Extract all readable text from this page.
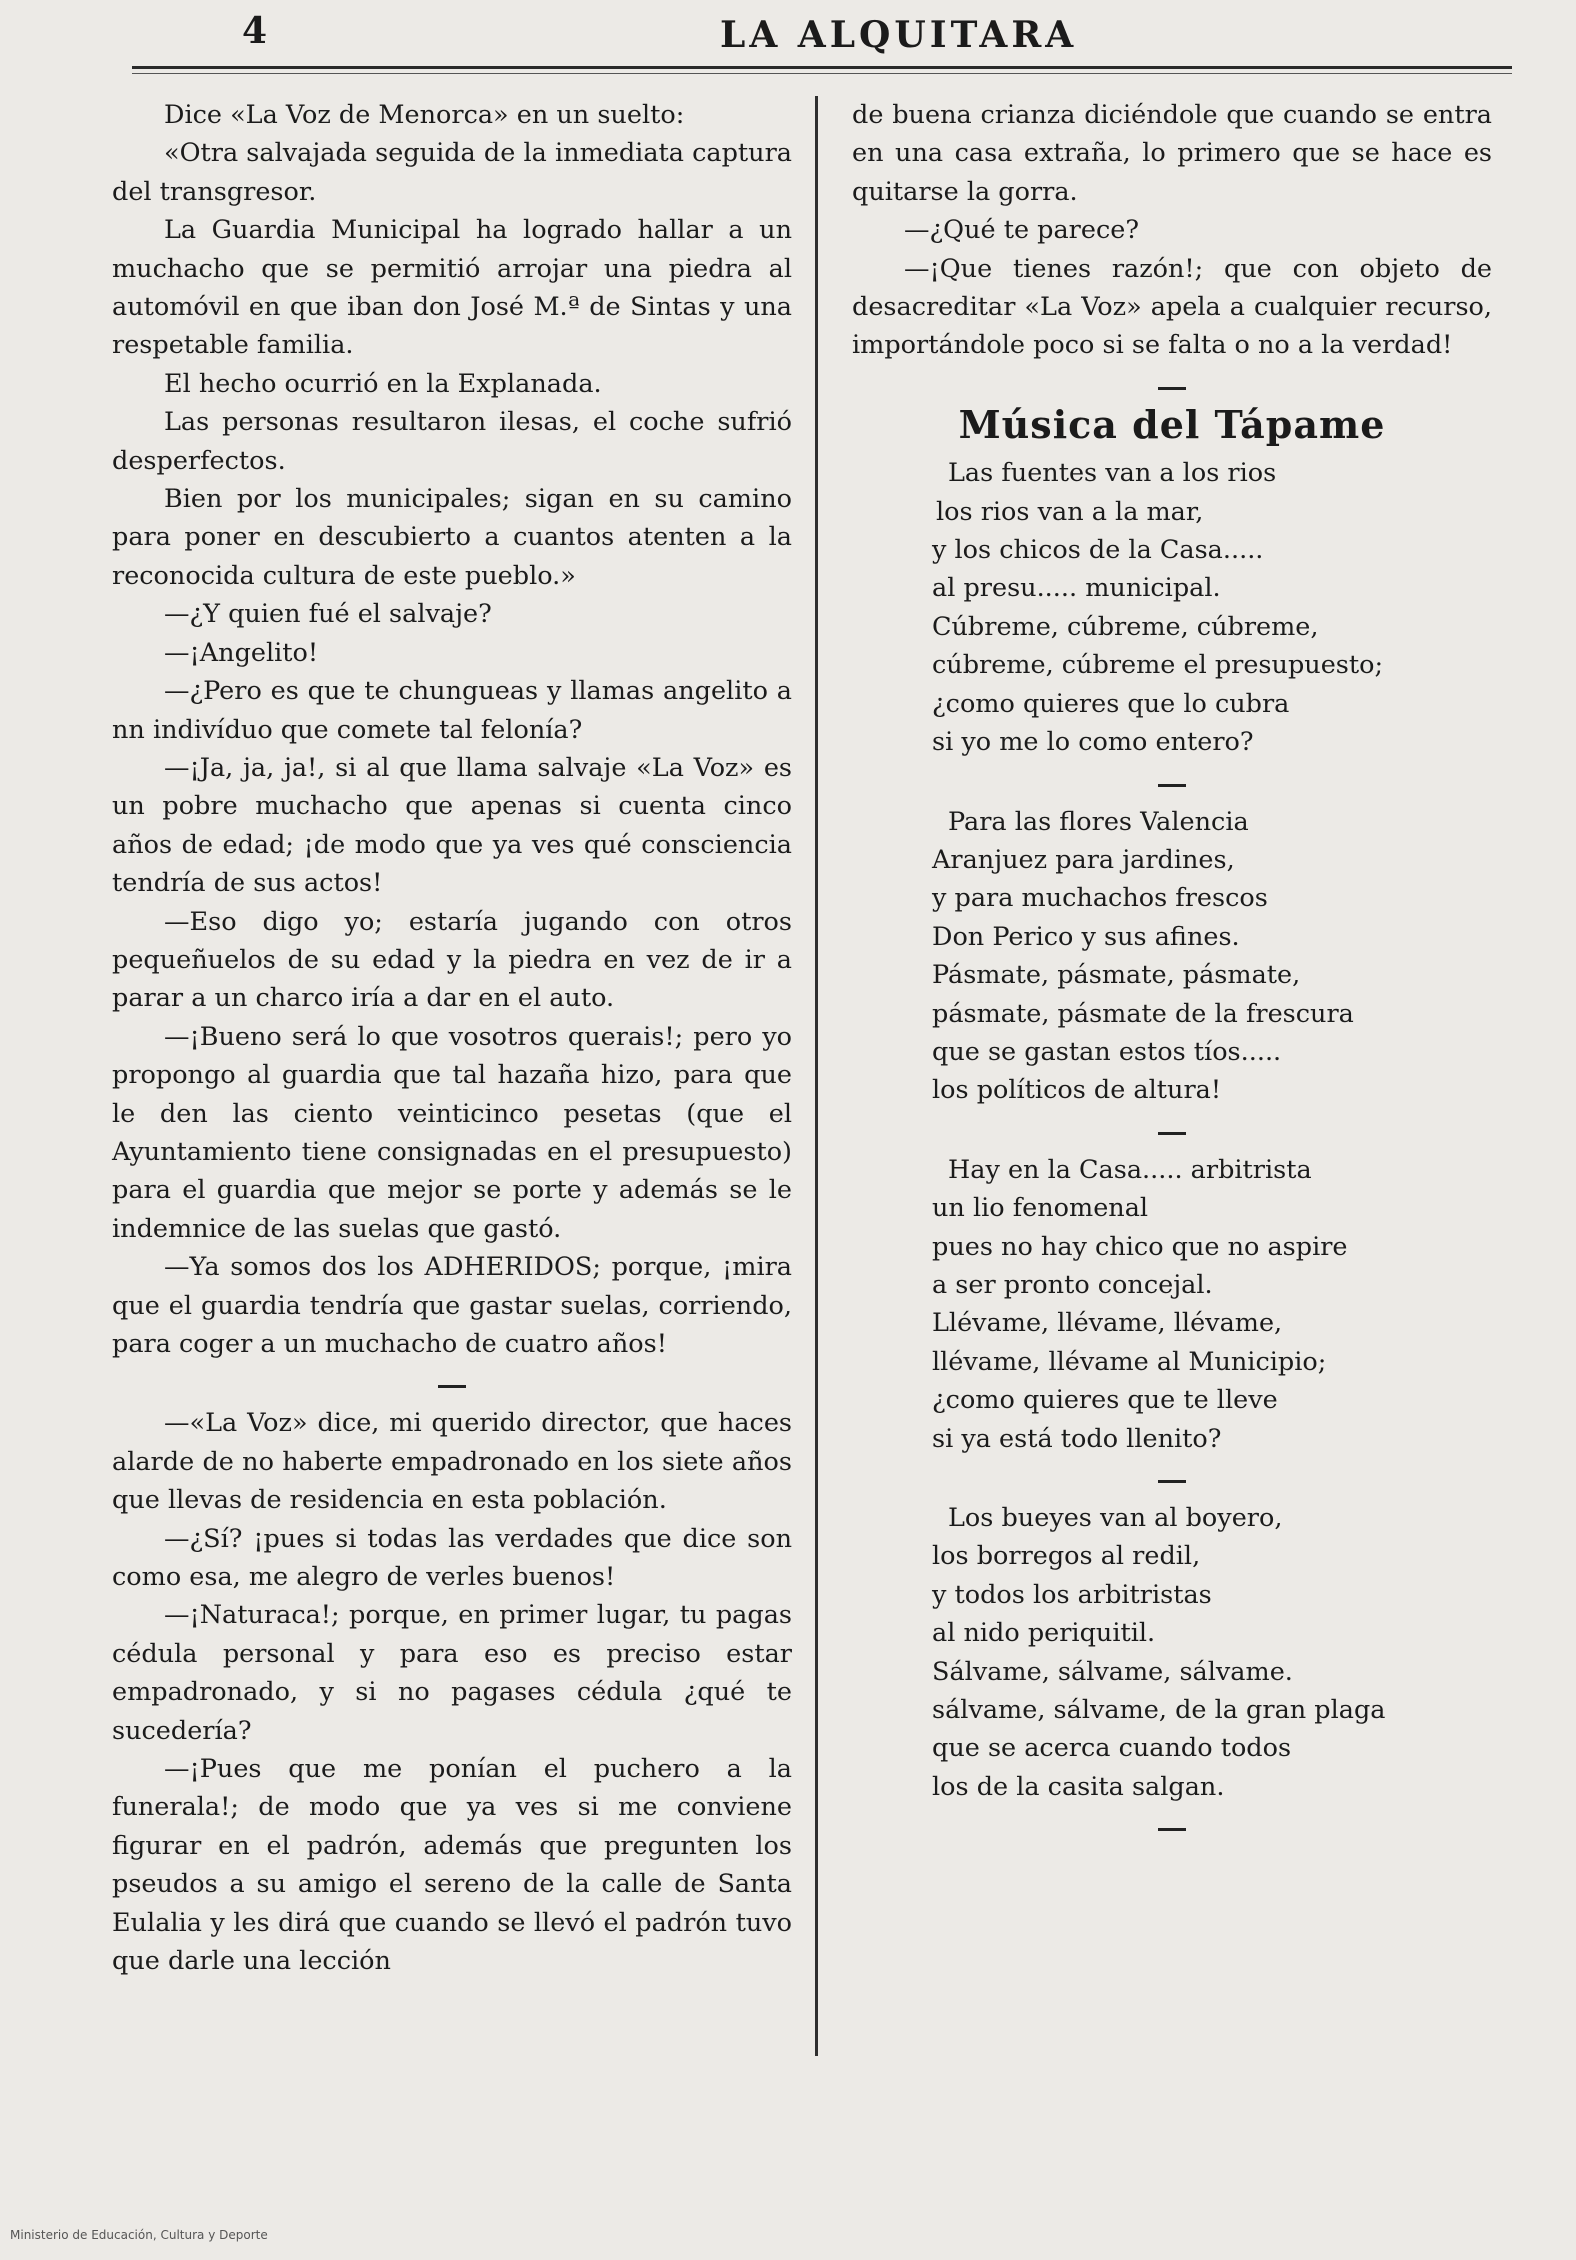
4	LA ALQUITARA

Dice «La Voz de Menorca» en un suelto:

«Otra salvajada seguida de la inmediata captura del transgresor.

La Guardia Municipal ha logrado hallar a un muchacho que se permitió arrojar una piedra al automóvil en que iban don José M.ª de Sintas y una respetable familia.

El hecho ocurrió en la Explanada.

Las personas resultaron ilesas, el coche sufrió desperfectos.

Bien por los municipales; sigan en su camino para poner en descubierto a cuantos atenten a la reconocida cultura de este pueblo.»

—¿Y quien fué el salvaje?

—¡Angelito!

—¿Pero es que te chungueas y llamas angelito a nn indivíduo que comete tal felonía?

—¡Ja, ja, ja!, si al que llama salvaje «La Voz» es un pobre muchacho que apenas si cuenta cinco años de edad; ¡de modo que ya ves qué consciencia tendría de sus actos!

—Eso digo yo; estaría jugando con otros pequeñuelos de su edad y la piedra en vez de ir a parar a un charco iría a dar en el auto.

—¡Bueno será lo que vosotros querais!; pero yo propongo al guardia que tal hazaña hizo, para que le den las ciento veinticinco pesetas (que el Ayuntamiento tiene consignadas en el presupuesto) para el guardia que mejor se porte y además se le indemnice de las suelas que gastó.

—Ya somos dos los ADHERIDOS; porque, ¡mira que el guardia tendría que gastar suelas, corriendo, para coger a un muchacho de cuatro años!

—«La Voz» dice, mi querido director, que haces alarde de no haberte empadronado en los siete años que llevas de residencia en esta población.

—¿Sí? ¡pues si todas las verdades que dice son como esa, me alegro de verles buenos!

—¡Naturaca!; porque, en primer lugar, tu pagas cédula personal y para eso es preciso estar empadronado, y si no pagases cédula ¿qué te sucedería?

—¡Pues que me ponían el puchero a la funerala!; de modo que ya ves si me conviene figurar en el padrón, además que pregunten los pseudos a su amigo el sereno de la calle de Santa Eulalia y les dirá que cuando se llevó el padrón tuvo que darle una lección

de buena crianza diciéndole que cuando se entra en una casa extraña, lo primero que se hace es quitarse la gorra.

—¿Qué te parece?

—¡Que tienes razón!; que con objeto de desacreditar «La Voz» apela a cualquier recurso, importándole poco si se falta o no a la verdad!

Música del Tápame
Las fuentes van a los rios
los rios van a la mar,
y los chicos de la Casa.....
al presu..... municipal.
Cúbreme, cúbreme, cúbreme,
cúbreme, cúbreme el presupuesto;
¿como quieres que lo cubra
si yo me lo como entero?
Para las flores Valencia
Aranjuez para jardines,
y para muchachos frescos
Don Perico y sus afines.
Pásmate, pásmate, pásmate,
pásmate, pásmate de la frescura
que se gastan estos tíos.....
los políticos de altura!
Hay en la Casa..... arbitrista
un lio fenomenal
pues no hay chico que no aspire
a ser pronto concejal.
Llévame, llévame, llévame,
llévame, llévame al Municipio;
¿como quieres que te lleve
si ya está todo llenito?
Los bueyes van al boyero,
los borregos al redil,
y todos los arbitristas
al nido periquitil.
Sálvame, sálvame, sálvame.
sálvame, sálvame, de la gran plaga
que se acerca cuando todos
los de la casita salgan.
Ministerio de Educación, Cultura y Deporte
